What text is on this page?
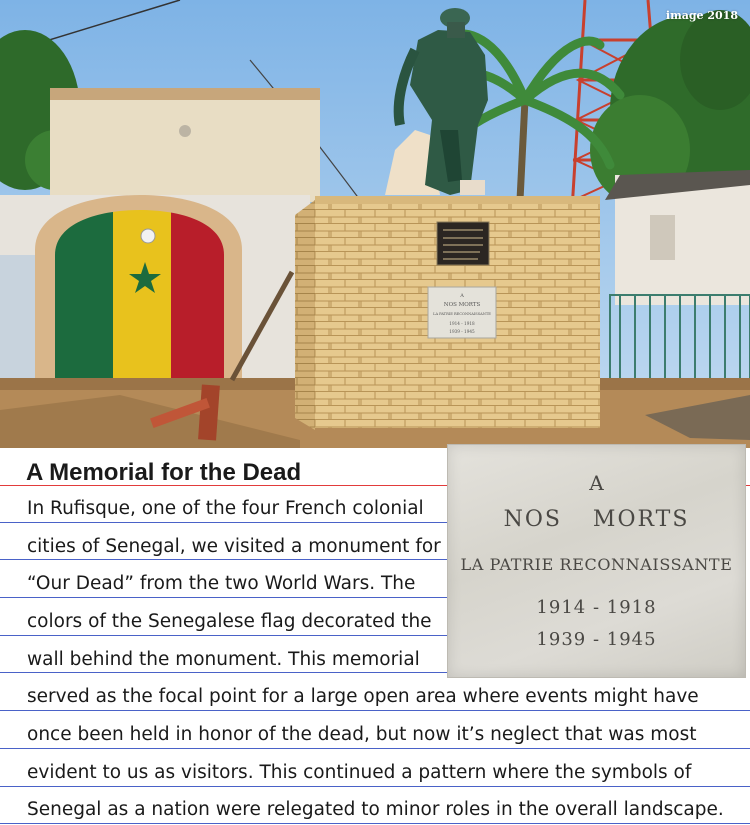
A
NOS MORTS
LA PATRIE RECONNAISSANTE
1914 - 1918
1939 - 1945
image 2018
A Memorial for the Dead
In Rufisque, one of the four French colonial
cities of Senegal, we visited a monument for
“Our Dead” from the two World Wars. The
colors of the Senegalese flag decorated the
wall behind the monument. This memorial
served as the focal point for a large open area where events might have
once been held in honor of the dead, but now it’s neglect that was most
evident to us as visitors. This continued a pattern where the symbols of
Senegal as a nation were relegated to minor roles in the overall landscape.
A
NOS MORTS
LA PATRIE RECONNAISSANTE
1914 - 1918
1939 - 1945
